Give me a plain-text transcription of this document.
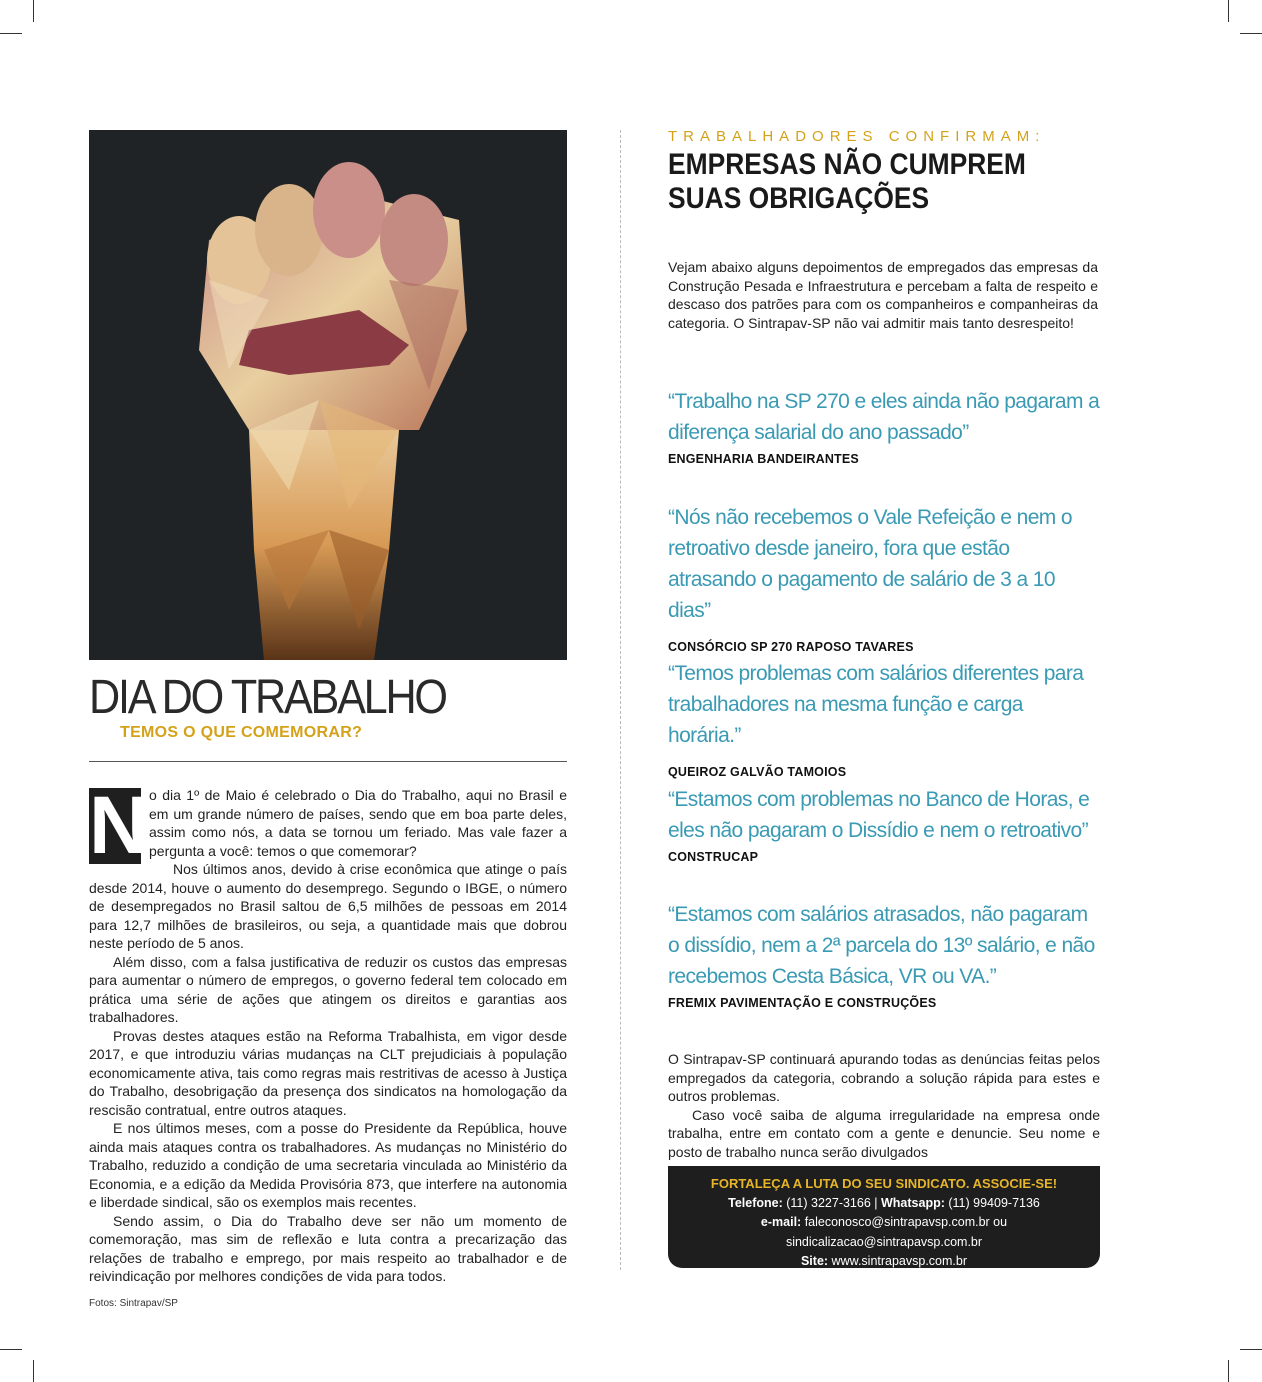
DIA DO TRABALHO
TEMOS O QUE COMEMORAR?

N o dia 1º de Maio é celebrado o Dia do Trabalho, aqui no Brasil e em um grande número de países, sendo que em boa parte deles, assim como nós, a data se tornou um feriado. Mas vale fazer a pergunta a você: temos o que comemorar?

Nos últimos anos, devido à crise econômica que atinge o país desde 2014, houve o aumento do desemprego. Segundo o IBGE, o número de desempregados no Brasil saltou de 6,5 milhões de pessoas em 2014 para 12,7 milhões de brasileiros, ou seja, a quantidade mais que dobrou neste período de 5 anos.

Além disso, com a falsa justificativa de reduzir os custos das empresas para aumentar o número de empregos, o governo federal tem colocado em prática uma série de ações que atingem os direitos e garantias aos trabalhadores.

Provas destes ataques estão na Reforma Trabalhista, em vigor desde 2017, e que introduziu várias mudanças na CLT prejudiciais à população economicamente ativa, tais como regras mais restritivas de acesso à Justiça do Trabalho, desobrigação da presença dos sindicatos na homologação da rescisão contratual, entre outros ataques.

E nos últimos meses, com a posse do Presidente da República, houve ainda mais ataques contra os trabalhadores. As mudanças no Ministério do Trabalho, reduzido a condição de uma secretaria vinculada ao Ministério da Economia, e a edição da Medida Provisória 873, que interfere na autonomia e liberdade sindical, são os exemplos mais recentes.

Sendo assim, o Dia do Trabalho deve ser não um momento de comemoração, mas sim de reflexão e luta contra a precarização das relações de trabalho e emprego, por mais respeito ao trabalhador e de reivindicação por melhores condições de vida para todos.

Fotos: Sintrapav/SP
TRABALHADORES CONFIRMAM:
EMPRESAS NÃO CUMPREM
SUAS OBRIGAÇÕES
Vejam abaixo alguns depoimentos de empregados das empresas da Construção Pesada e Infraestrutura e percebam a falta de respeito e descaso dos patrões para com os companheiros e companheiras da categoria. O Sintrapav-SP não vai admitir mais tanto desrespeito!
“Trabalho na SP 270 e eles ainda não pagaram a diferença salarial do ano passado”
ENGENHARIA BANDEIRANTES
“Nós não recebemos o Vale Refeição e nem o retroativo desde janeiro, fora que estão atrasando o pagamento de salário de 3 a 10 dias”
CONSÓRCIO SP 270 RAPOSO TAVARES
“Temos problemas com salários diferentes para trabalhadores na mesma função e carga horária.”
QUEIROZ GALVÃO TAMOIOS
“Estamos com problemas no Banco de Horas, e eles não pagaram o Dissídio e nem o retroativo”
CONSTRUCAP
“Estamos com salários atrasados, não pagaram o dissídio, nem a 2ª parcela do 13º salário, e não recebemos Cesta Básica, VR ou VA.”
FREMIX PAVIMENTAÇÃO E CONSTRUÇÕES

O Sintrapav-SP continuará apurando todas as denúncias feitas pelos empregados da categoria, cobrando a solução rápida para estes e outros problemas.

Caso você saiba de alguma irregularidade na empresa onde trabalha, entre em contato com a gente e denuncie. Seu nome e posto de trabalho nunca serão divulgados

FORTALEÇA A LUTA DO SEU SINDICATO. ASSOCIE-SE!
Telefone: (11) 3227-3166 | Whatsapp: (11) 99409-7136
e-mail: faleconosco@sintrapavsp.com.br ou sindicalizacao@sintrapavsp.com.br
Site: www.sintrapavsp.com.br
